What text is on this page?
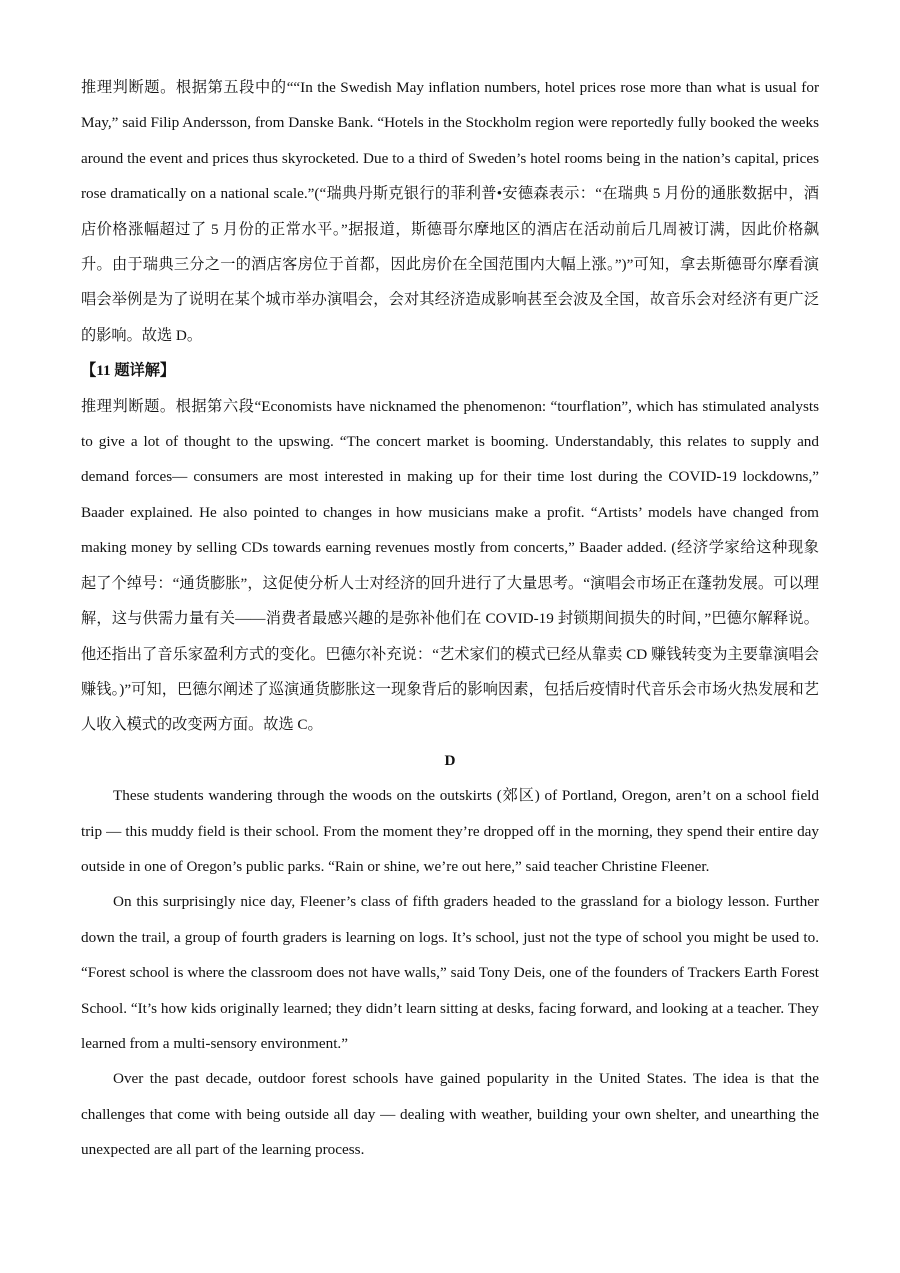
推理判断题。根据第五段中的““In the Swedish May inflation numbers, hotel prices rose more than what is usual for May,” said Filip Andersson, from Danske Bank. “Hotels in the Stockholm region were reportedly fully booked the weeks around the event and prices thus skyrocketed. Due to a third of Sweden’s hotel rooms being in the nation’s capital, prices rose dramatically on a national scale.”(“瑞典丹斯克银行的菲利普•安德森表示：“在瑞典 5 月份的通胀数据中，酒店价格涨幅超过了 5 月份的正常水平。”据报道，斯德哥尔摩地区的酒店在活动前后几周被订满，因此价格飙升。由于瑞典三分之一的酒店客房位于首都，因此房价在全国范围内大幅上涨。”)”可知，拿去斯德哥尔摩看演唱会举例是为了说明在某个城市举办演唱会，会对其经济造成影响甚至会波及全国，故音乐会对经济有更广泛的影响。故选 D。

【11 题详解】

推理判断题。根据第六段“Economists have nicknamed the phenomenon: “tourflation”, which has stimulated analysts to give a lot of thought to the upswing. “The concert market is booming. Understandably, this relates to supply and demand forces— consumers are most interested in making up for their time lost during the COVID-19 lockdowns,” Baader explained. He also pointed to changes in how musicians make a profit. “Artists’ models have changed from making money by selling CDs towards earning revenues mostly from concerts,” Baader added. (经济学家给这种现象起了个绰号：“通货膨胀”，这促使分析人士对经济的回升进行了大量思考。“演唱会市场正在蓬勃发展。可以理解，这与供需力量有关——消费者最感兴趣的是弥补他们在 COVID-19 封锁期间损失的时间，”巴德尔解释说。他还指出了音乐家盈利方式的变化。巴德尔补充说：“艺术家们的模式已经从靠卖 CD 赚钱转变为主要靠演唱会赚钱。)”可知，巴德尔阐述了巡演通货膨胀这一现象背后的影响因素，包括后疫情时代音乐会市场火热发展和艺人收入模式的改变两方面。故选 C。

D

These students wandering through the woods on the outskirts (郊区) of Portland, Oregon, aren’t on a school field trip — this muddy field is their school. From the moment they’re dropped off in the morning, they spend their entire day outside in one of Oregon’s public parks. “Rain or shine, we’re out here,” said teacher Christine Fleener.

On this surprisingly nice day, Fleener’s class of fifth graders headed to the grassland for a biology lesson. Further down the trail, a group of fourth graders is learning on logs. It’s school, just not the type of school you might be used to. “Forest school is where the classroom does not have walls,” said Tony Deis, one of the founders of Trackers Earth Forest School. “It’s how kids originally learned; they didn’t learn sitting at desks, facing forward, and looking at a teacher. They learned from a multi-sensory environment.”

Over the past decade, outdoor forest schools have gained popularity in the United States. The idea is that the challenges that come with being outside all day — dealing with weather, building your own shelter, and unearthing the unexpected are all part of the learning process.
